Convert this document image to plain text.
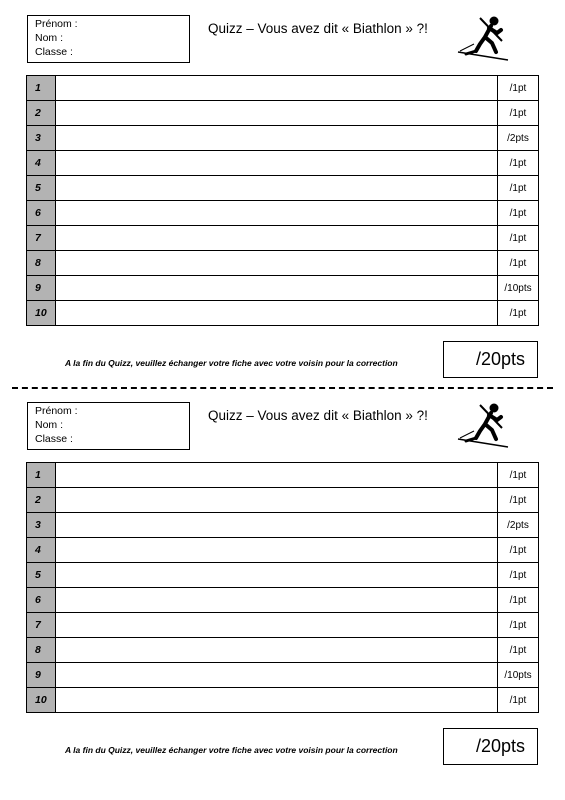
Prénom :
Nom :
Classe :
Quizz – Vous avez dit « Biathlon » ?!
1		/1pt
2		/1pt
3		/2pts
4		/1pt
5		/1pt
6		/1pt
7		/1pt
8		/1pt
9		/10pts
10		/1pt
A la fin du Quizz, veuillez échanger votre fiche avec votre voisin pour la correction	/20pts
Prénom :
Nom :
Classe :
Quizz – Vous avez dit « Biathlon » ?!
1		/1pt
2		/1pt
3		/2pts
4		/1pt
5		/1pt
6		/1pt
7		/1pt
8		/1pt
9		/10pts
10		/1pt
A la fin du Quizz, veuillez échanger votre fiche avec votre voisin pour la correction	/20pts
